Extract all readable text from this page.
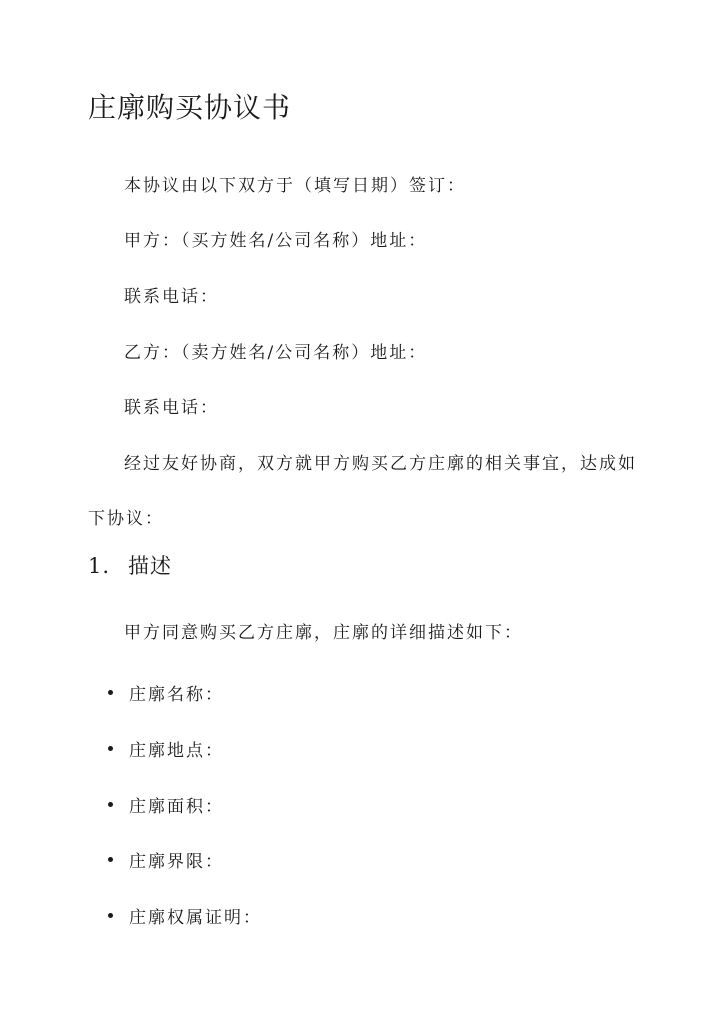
庄廓购买协议书

本协议由以下双方于（填写日期）签订：

甲方：（买方姓名/公司名称）地址：

联系电话：

乙方：（卖方姓名/公司名称）地址：

联系电话：

经过友好协商，双方就甲方购买乙方庄廓的相关事宜，达成如下协议：

1. 描述

甲方同意购买乙方庄廓，庄廓的详细描述如下：

庄廓名称：
庄廓地点：
庄廓面积：
庄廓界限：
庄廓权属证明：
